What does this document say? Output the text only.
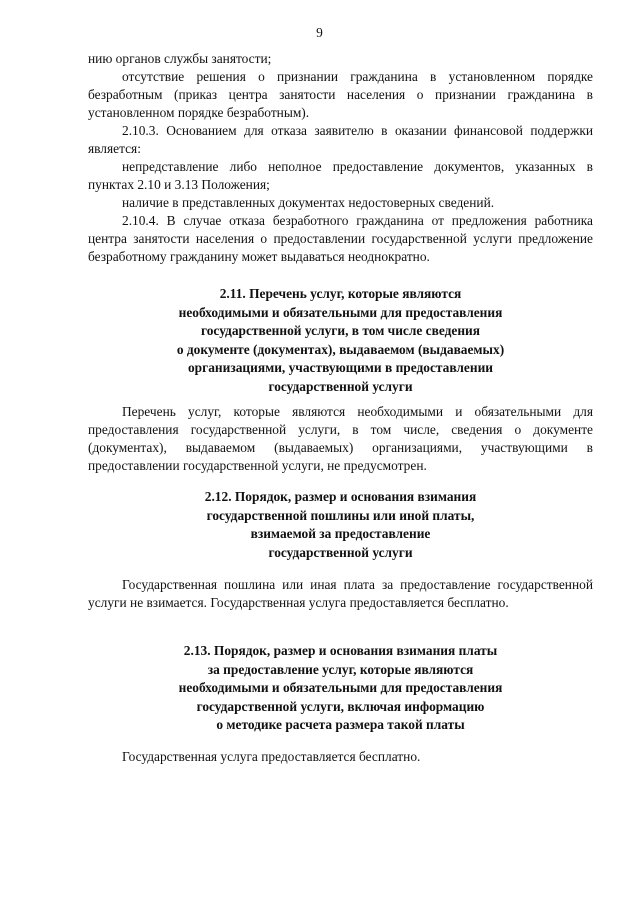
9

нию органов службы занятости;

отсутствие решения о признании гражданина в установленном порядке безработным (приказ центра занятости населения о признании гражданина в установленном порядке безработным).

2.10.3. Основанием для отказа заявителю в оказании финансовой поддержки является:

непредставление либо неполное предоставление документов, указанных в пунктах 2.10 и 3.13 Положения;

наличие в представленных документах недостоверных сведений.

2.10.4. В случае отказа безработного гражданина от предложения работника центра занятости населения о предоставлении государственной услуги предложение безработному гражданину может выдаваться неоднократно.

2.11. Перечень услуг, которые являются
необходимыми и обязательными для предоставления
государственной услуги, в том числе сведения
о документе (документах), выдаваемом (выдаваемых)
организациями, участвующими в предоставлении
государственной услуги

Перечень услуг, которые являются необходимыми и обязательными для предоставления государственной услуги, в том числе, сведения о документе (документах), выдаваемом (выдаваемых) организациями, участвующими в предоставлении государственной услуги, не предусмотрен.

2.12. Порядок, размер и основания взимания
государственной пошлины или иной платы,
взимаемой за предоставление
государственной услуги

Государственная пошлина или иная плата за предоставление государственной услуги не взимается. Государственная услуга предоставляется бесплатно.

2.13. Порядок, размер и основания взимания платы
за предоставление услуг, которые являются
необходимыми и обязательными для предоставления
государственной услуги, включая информацию
о методике расчета размера такой платы

Государственная услуга предоставляется бесплатно.
